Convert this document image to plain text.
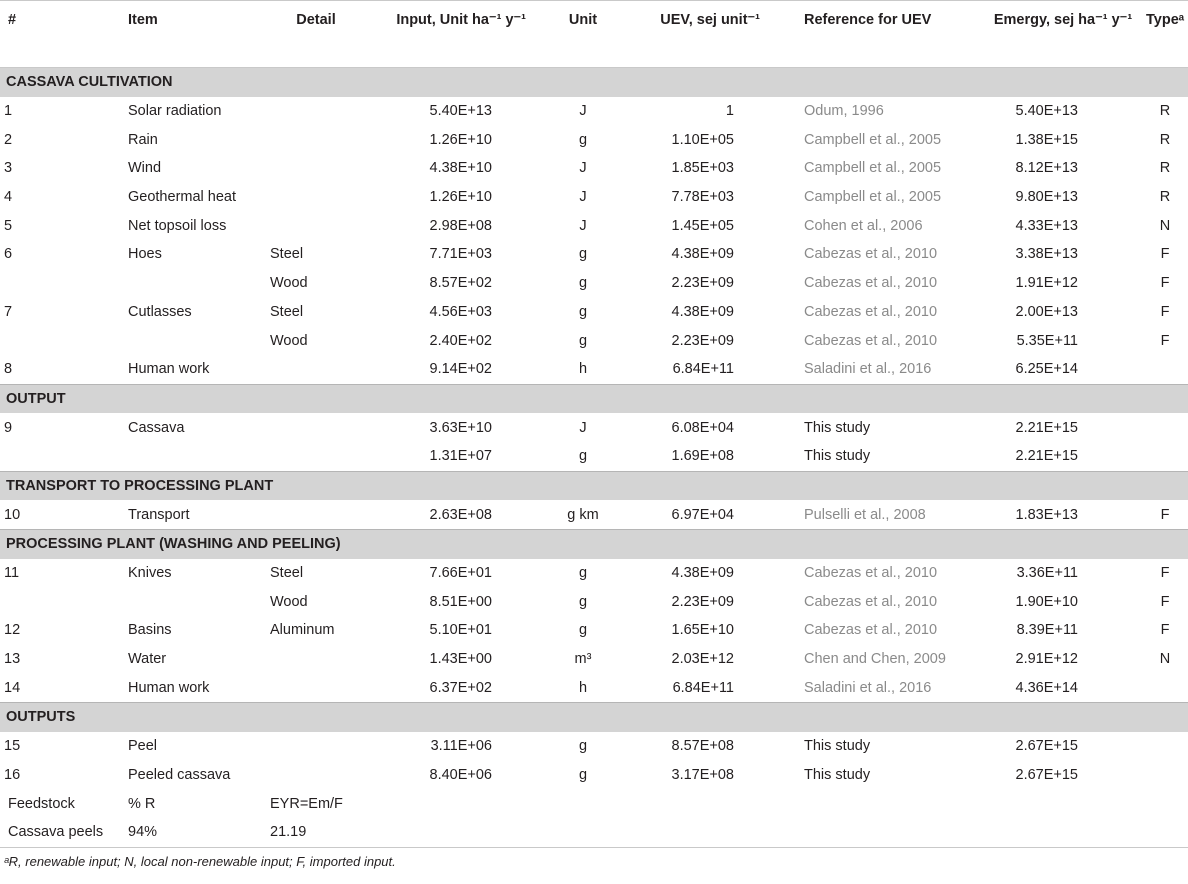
#	Item	Detail	Input, Unit ha⁻¹ y⁻¹	Unit	UEV, sej unit⁻¹	Reference for UEV	Emergy, sej ha⁻¹ y⁻¹	Typeᵃ
CASSAVA CULTIVATION							
1	Solar radiation		5.40E+13	J	1	Odum, 1996	5.40E+13	R
2	Rain		1.26E+10	g	1.10E+05	Campbell et al., 2005	1.38E+15	R
3	Wind		4.38E+10	J	1.85E+03	Campbell et al., 2005	8.12E+13	R
4	Geothermal heat		1.26E+10	J	7.78E+03	Campbell et al., 2005	9.80E+13	R
5	Net topsoil loss		2.98E+08	J	1.45E+05	Cohen et al., 2006	4.33E+13	N
6	Hoes	Steel	7.71E+03	g	4.38E+09	Cabezas et al., 2010	3.38E+13	F
		Wood	8.57E+02	g	2.23E+09	Cabezas et al., 2010	1.91E+12	F
7	Cutlasses	Steel	4.56E+03	g	4.38E+09	Cabezas et al., 2010	2.00E+13	F
		Wood	2.40E+02	g	2.23E+09	Cabezas et al., 2010	5.35E+11	F
8	Human work		9.14E+02	h	6.84E+11	Saladini et al., 2016	6.25E+14	
OUTPUT							
9	Cassava		3.63E+10	J	6.08E+04	This study	2.21E+15	
			1.31E+07	g	1.69E+08	This study	2.21E+15	
TRANSPORT TO PROCESSING PLANT							
10	Transport		2.63E+08	g km	6.97E+04	Pulselli et al., 2008	1.83E+13	F
PROCESSING PLANT (WASHING AND PEELING)							
11	Knives	Steel	7.66E+01	g	4.38E+09	Cabezas et al., 2010	3.36E+11	F
		Wood	8.51E+00	g	2.23E+09	Cabezas et al., 2010	1.90E+10	F
12	Basins	Aluminum	5.10E+01	g	1.65E+10	Cabezas et al., 2010	8.39E+11	F
13	Water		1.43E+00	m³	2.03E+12	Chen and Chen, 2009	2.91E+12	N
14	Human work		6.37E+02	h	6.84E+11	Saladini et al., 2016	4.36E+14	
OUTPUTS							
15	Peel		3.11E+06	g	8.57E+08	This study	2.67E+15	
16	Peeled cassava		8.40E+06	g	3.17E+08	This study	2.67E+15	
Feedstock	% R	EYR=Em/F						
Cassava peels	94%	21.19						
ᵃR, renewable input; N, local non-renewable input; F, imported input.							
